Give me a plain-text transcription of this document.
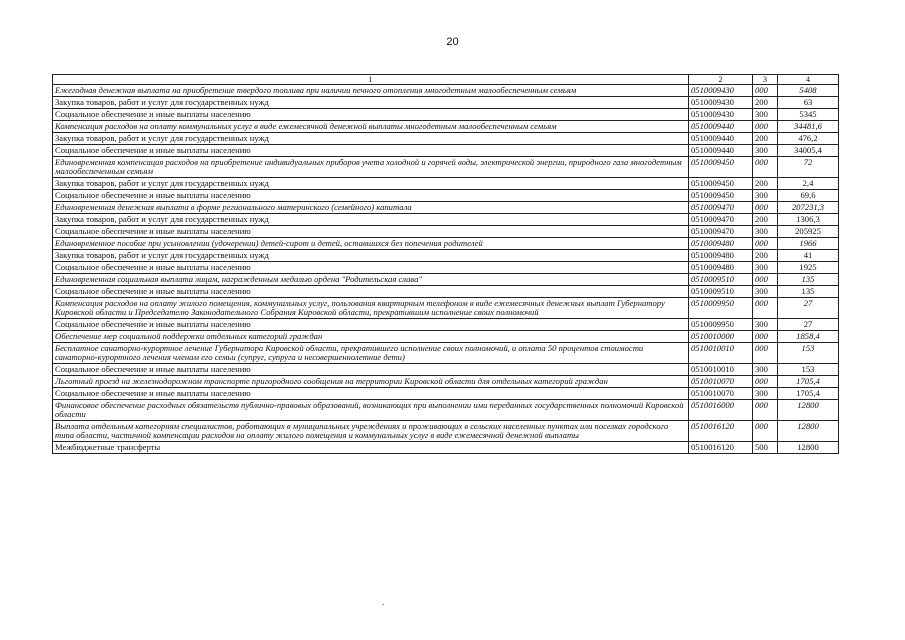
20
1	2	3	4
Ежегодная денежная выплата на приобретение твердого топлива при наличии печного отопления многодетным малообеспеченным семьям	0510009430	000	5408
Закупка товаров, работ и услуг для государственных нужд	0510009430	200	63
Социальное обеспечение и иные выплаты населению	0510009430	300	5345
Компенсация расходов на оплату коммунальных услуг в виде ежемесячной денежной выплаты многодетным малообеспеченным семьям	0510009440	000	34481,6
Закупка товаров, работ и услуг для государственных нужд	0510009440	200	476,2
Социальное обеспечение и иные выплаты населению	0510009440	300	34005,4
Единовременная компенсация расходов на приобретение индивидуальных приборов учета холодной и горячей воды, электрической энергии, природного газа многодетным малообеспеченным семьям	0510009450	000	72
Закупка товаров, работ и услуг для государственных нужд	0510009450	200	2,4
Социальное обеспечение и иные выплаты населению	0510009450	300	69,6
Единовременная денежная выплата в форме регионального материнского (семейного) капитала	0510009470	000	207231,3
Закупка товаров, работ и услуг для государственных нужд	0510009470	200	1306,3
Социальное обеспечение и иные выплаты населению	0510009470	300	205925
Единовременное пособие при усыновлении (удочерении) детей-сирот и детей, оставшихся без попечения родителей	0510009480	000	1966
Закупка товаров, работ и услуг для государственных нужд	0510009480	200	41
Социальное обеспечение и иные выплаты населению	0510009480	300	1925
Единовременная социальная выплата лицам, награжденным медалью ордена "Родительская слава"	0510009510	000	135
Социальное обеспечение и иные выплаты населению	0510009510	300	135
Компенсация расходов на оплату жилого помещения, коммунальных услуг, пользования квартирным телефоном в виде ежемесячных денежных выплат Губернатору Кировской области и Председателю Законодательного Собрания Кировской области, прекратившим исполнение своих полномочий	0510009950	000	27
Социальное обеспечение и иные выплаты населению	0510009950	300	27
Обеспечение мер социальной поддержки отдельных категорий граждан	0510010000	000	1858,4
Бесплатное санаторно-курортное лечение Губернатора Кировской области, прекратившего исполнение своих полномочий, и оплата 50 процентов стоимости санаторно-курортного лечения членам его семьи (супруг, супруга и несовершеннолетние дети)	0510010010	000	153
Социальное обеспечение и иные выплаты населению	0510010010	300	153
Льготный проезд на железнодорожном транспорте пригородного сообщения на территории Кировской области для отдельных категорий граждан	0510010070	000	1705,4
Социальное обеспечение и иные выплаты населению	0510010070	300	1705,4
Финансовое обеспечение расходных обязательств публично-правовых образований, возникающих при выполнении ими переданных государственных полномочий Кировской области	0510016000	000	12800
Выплата отдельным категориям специалистов, работающих в муниципальных учреждениях и проживающих в сельских населенных пунктах или поселках городского типа области, частичной компенсации расходов на оплату жилого помещения и коммунальных услуг в виде ежемесячной денежной выплаты	0510016120	000	12800
Межбюджетные трансферты	0510016120	500	12800
